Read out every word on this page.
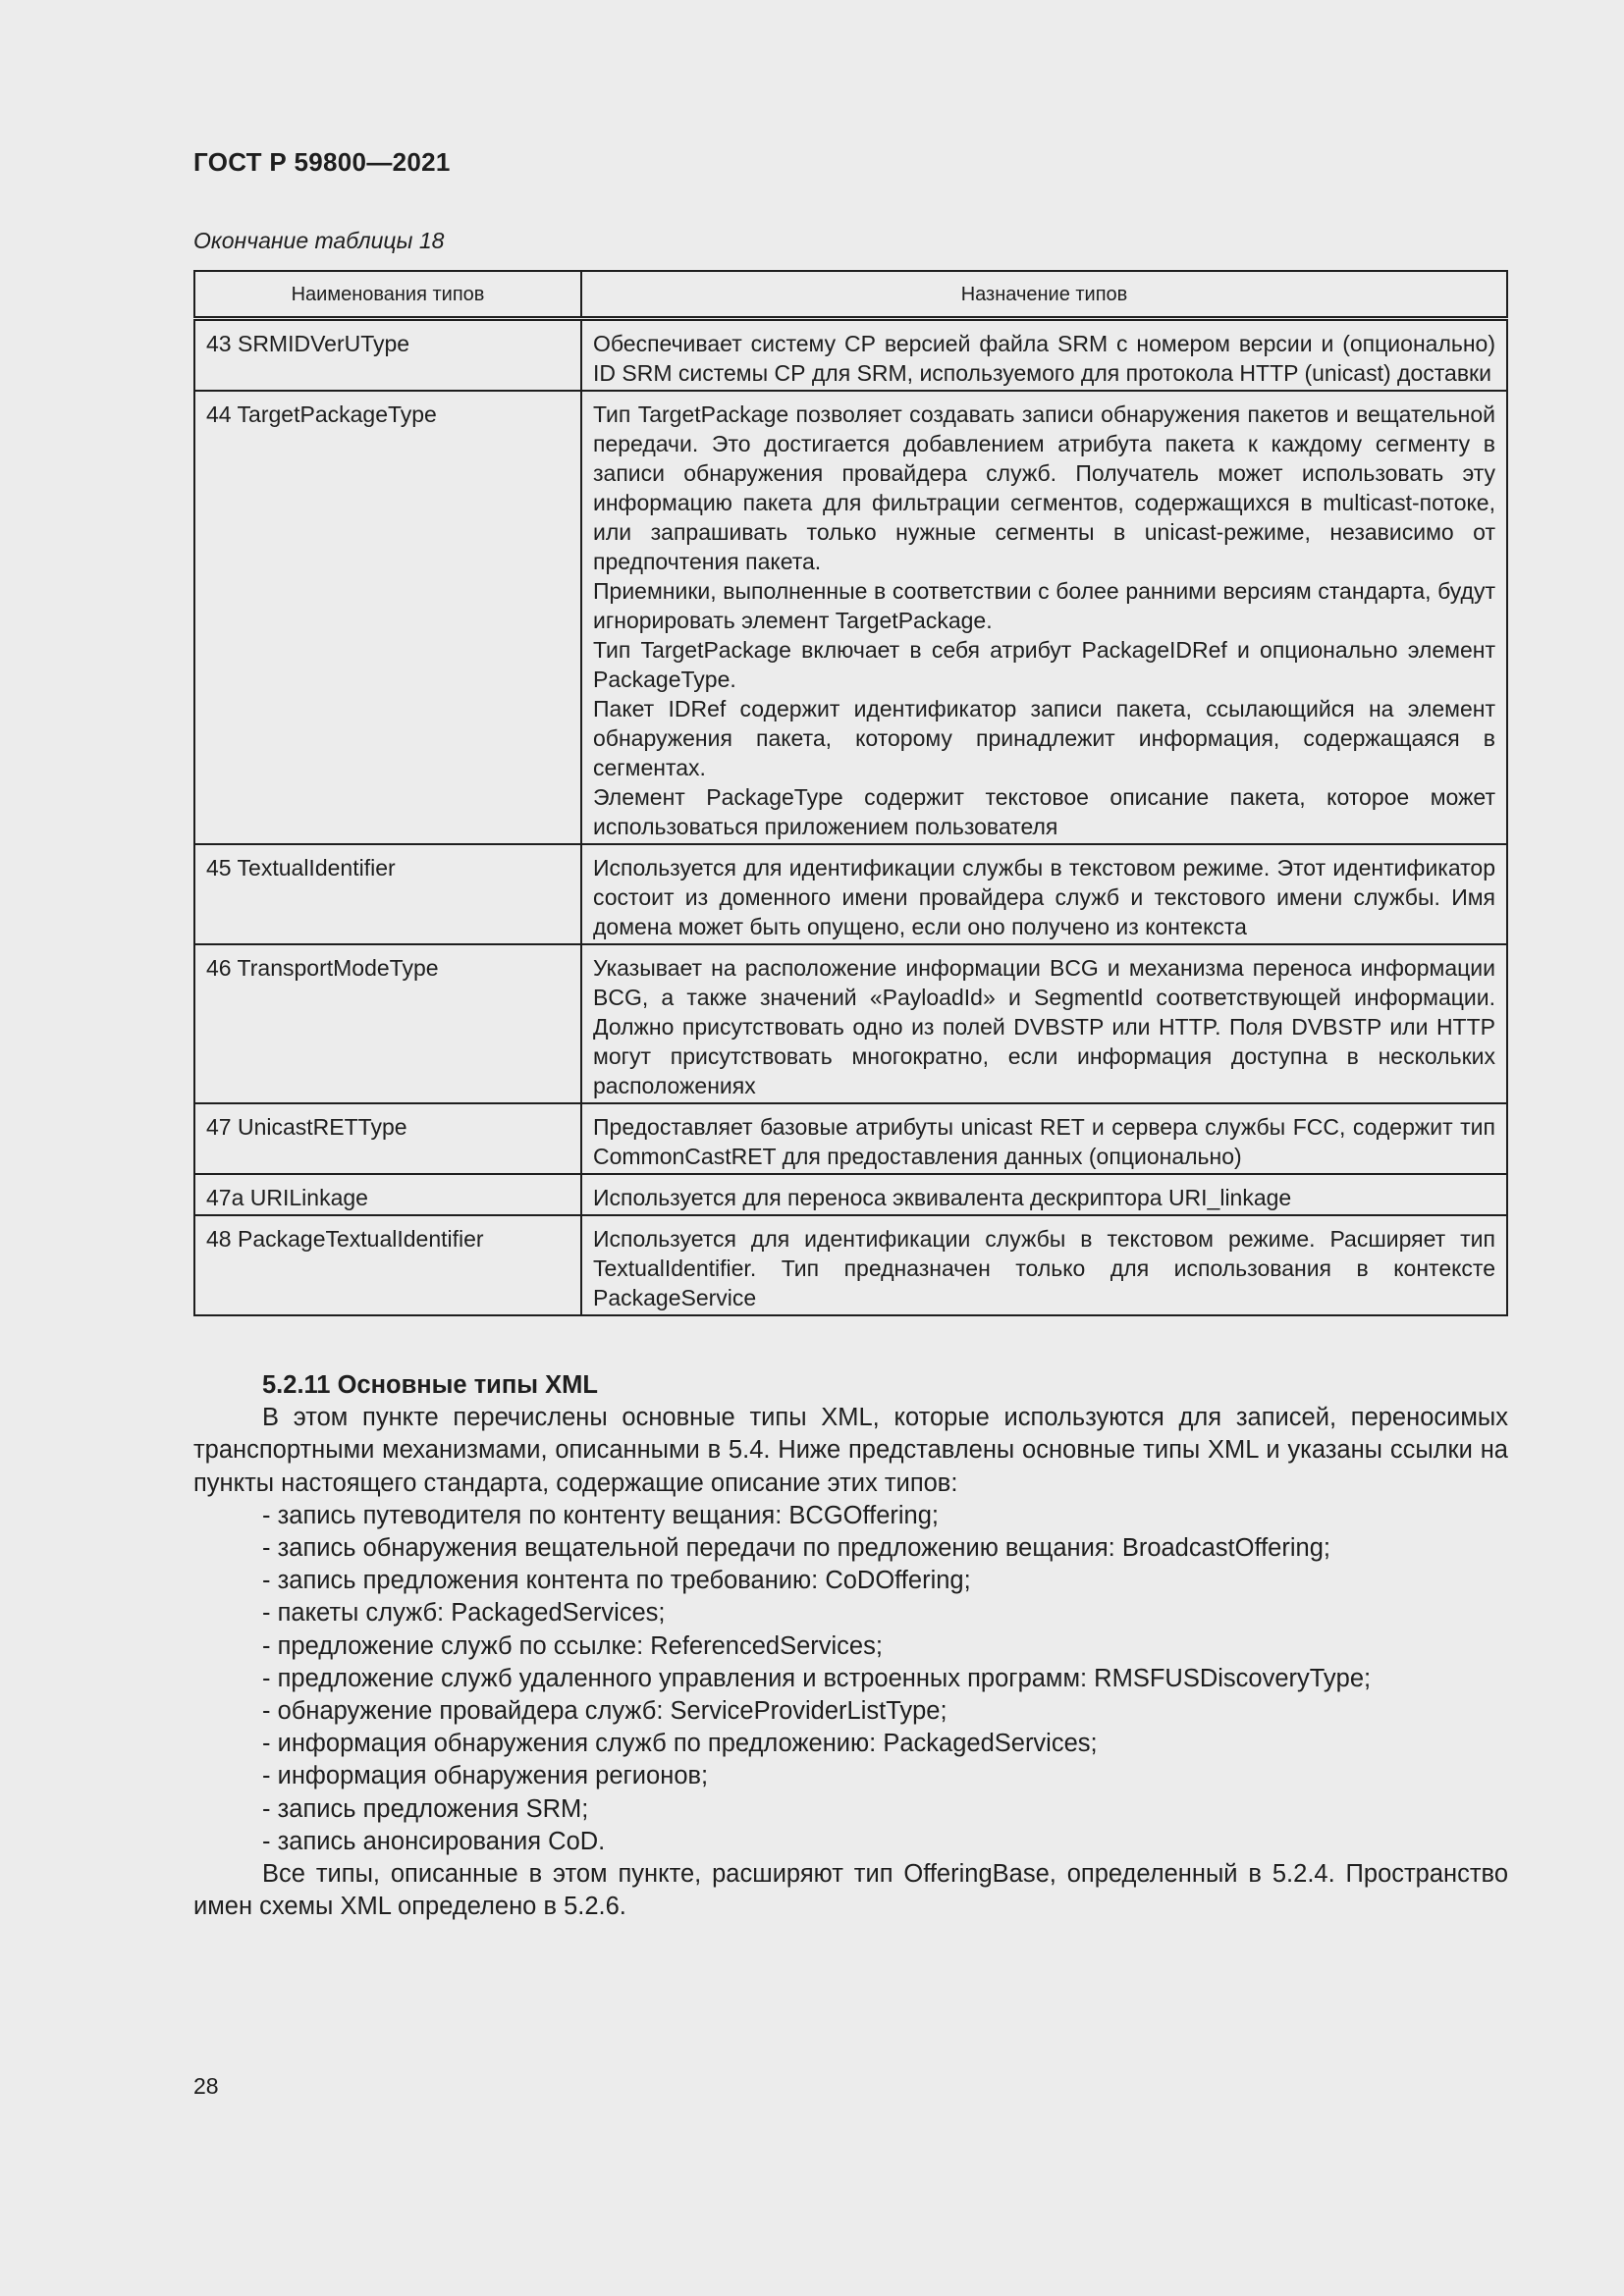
ГОСТ Р 59800—2021
Окончание таблицы 18
Наименования типов	Назначение типов
43 SRMIDVerUType	Обеспечивает систему СР версией файла SRM с номером версии и (опционально) ID SRM системы СР для SRM, используемого для протокола HTTP (unicast) доставки

44 TargetPackageType	Тип TargetPackage позволяет создавать записи обнаружения пакетов и вещательной передачи. Это достигается добавлением атрибута пакета к каждому сегменту в записи обнаружения провайдера служб. Получатель может использовать эту информацию пакета для фильтрации сегментов, содержащихся в multicast-потоке, или запрашивать только нужные сегменты в unicast-режиме, независимо от предпочтения пакета.

Приемники, выполненные в соответствии с более ранними версиям стандарта, будут игнорировать элемент TargetPackage.

Тип TargetPackage включает в себя атрибут PackageIDRef и опционально элемент PackageType.

Пакет IDRef содержит идентификатор записи пакета, ссылающийся на элемент обнаружения пакета, которому принадлежит информация, содержащаяся в сегментах.

Элемент PackageType содержит текстовое описание пакета, которое может использоваться приложением пользователя

45 TextualIdentifier	Используется для идентификации службы в текстовом режиме. Этот идентификатор состоит из доменного имени провайдера служб и текстового имени службы. Имя домена может быть опущено, если оно получено из контекста

46 TransportModeType	Указывает на расположение информации BCG и механизма переноса информации BCG, а также значений «PayloadId» и SegmentId соответствующей информации. Должно присутствовать одно из полей DVBSTP или HTTP. Поля DVBSTP или HTTP могут присутствовать многократно, если информация доступна в нескольких расположениях

47 UnicastRETType	Предоставляет базовые атрибуты unicast RET и сервера службы FCC, содержит тип CommonCastRET для предоставления данных (опционально)

47а URILinkage	Используется для переноса эквивалента дескриптора URI_linkage

48 PackageTextualIdentifier	Используется для идентификации службы в текстовом режиме. Расширяет тип TextualIdentifier. Тип предназначен только для использования в контексте PackageService

5.2.11 Основные типы XML

В этом пункте перечислены основные типы XML, которые используются для записей, переносимых транспортными механизмами, описанными в 5.4. Ниже представлены основные типы XML и указаны ссылки на пункты настоящего стандарта, содержащие описание этих типов:

- запись путеводителя по контенту вещания: BCGOffering;

- запись обнаружения вещательной передачи по предложению вещания: BroadcastOffering;

- запись предложения контента по требованию: CoDOffering;

- пакеты служб: PackagedServices;

- предложение служб по ссылке: ReferencedServices;

- предложение служб удаленного управления и встроенных программ: RMSFUSDiscoveryType;

- обнаружение провайдера служб: ServiceProviderListType;

- информация обнаружения служб по предложению: PackagedServices;

- информация обнаружения регионов;

- запись предложения SRM;

- запись анонсирования CoD.

Все типы, описанные в этом пункте, расширяют тип OfferingBase, определенный в 5.2.4. Пространство имен схемы XML определено в 5.2.6.

28
